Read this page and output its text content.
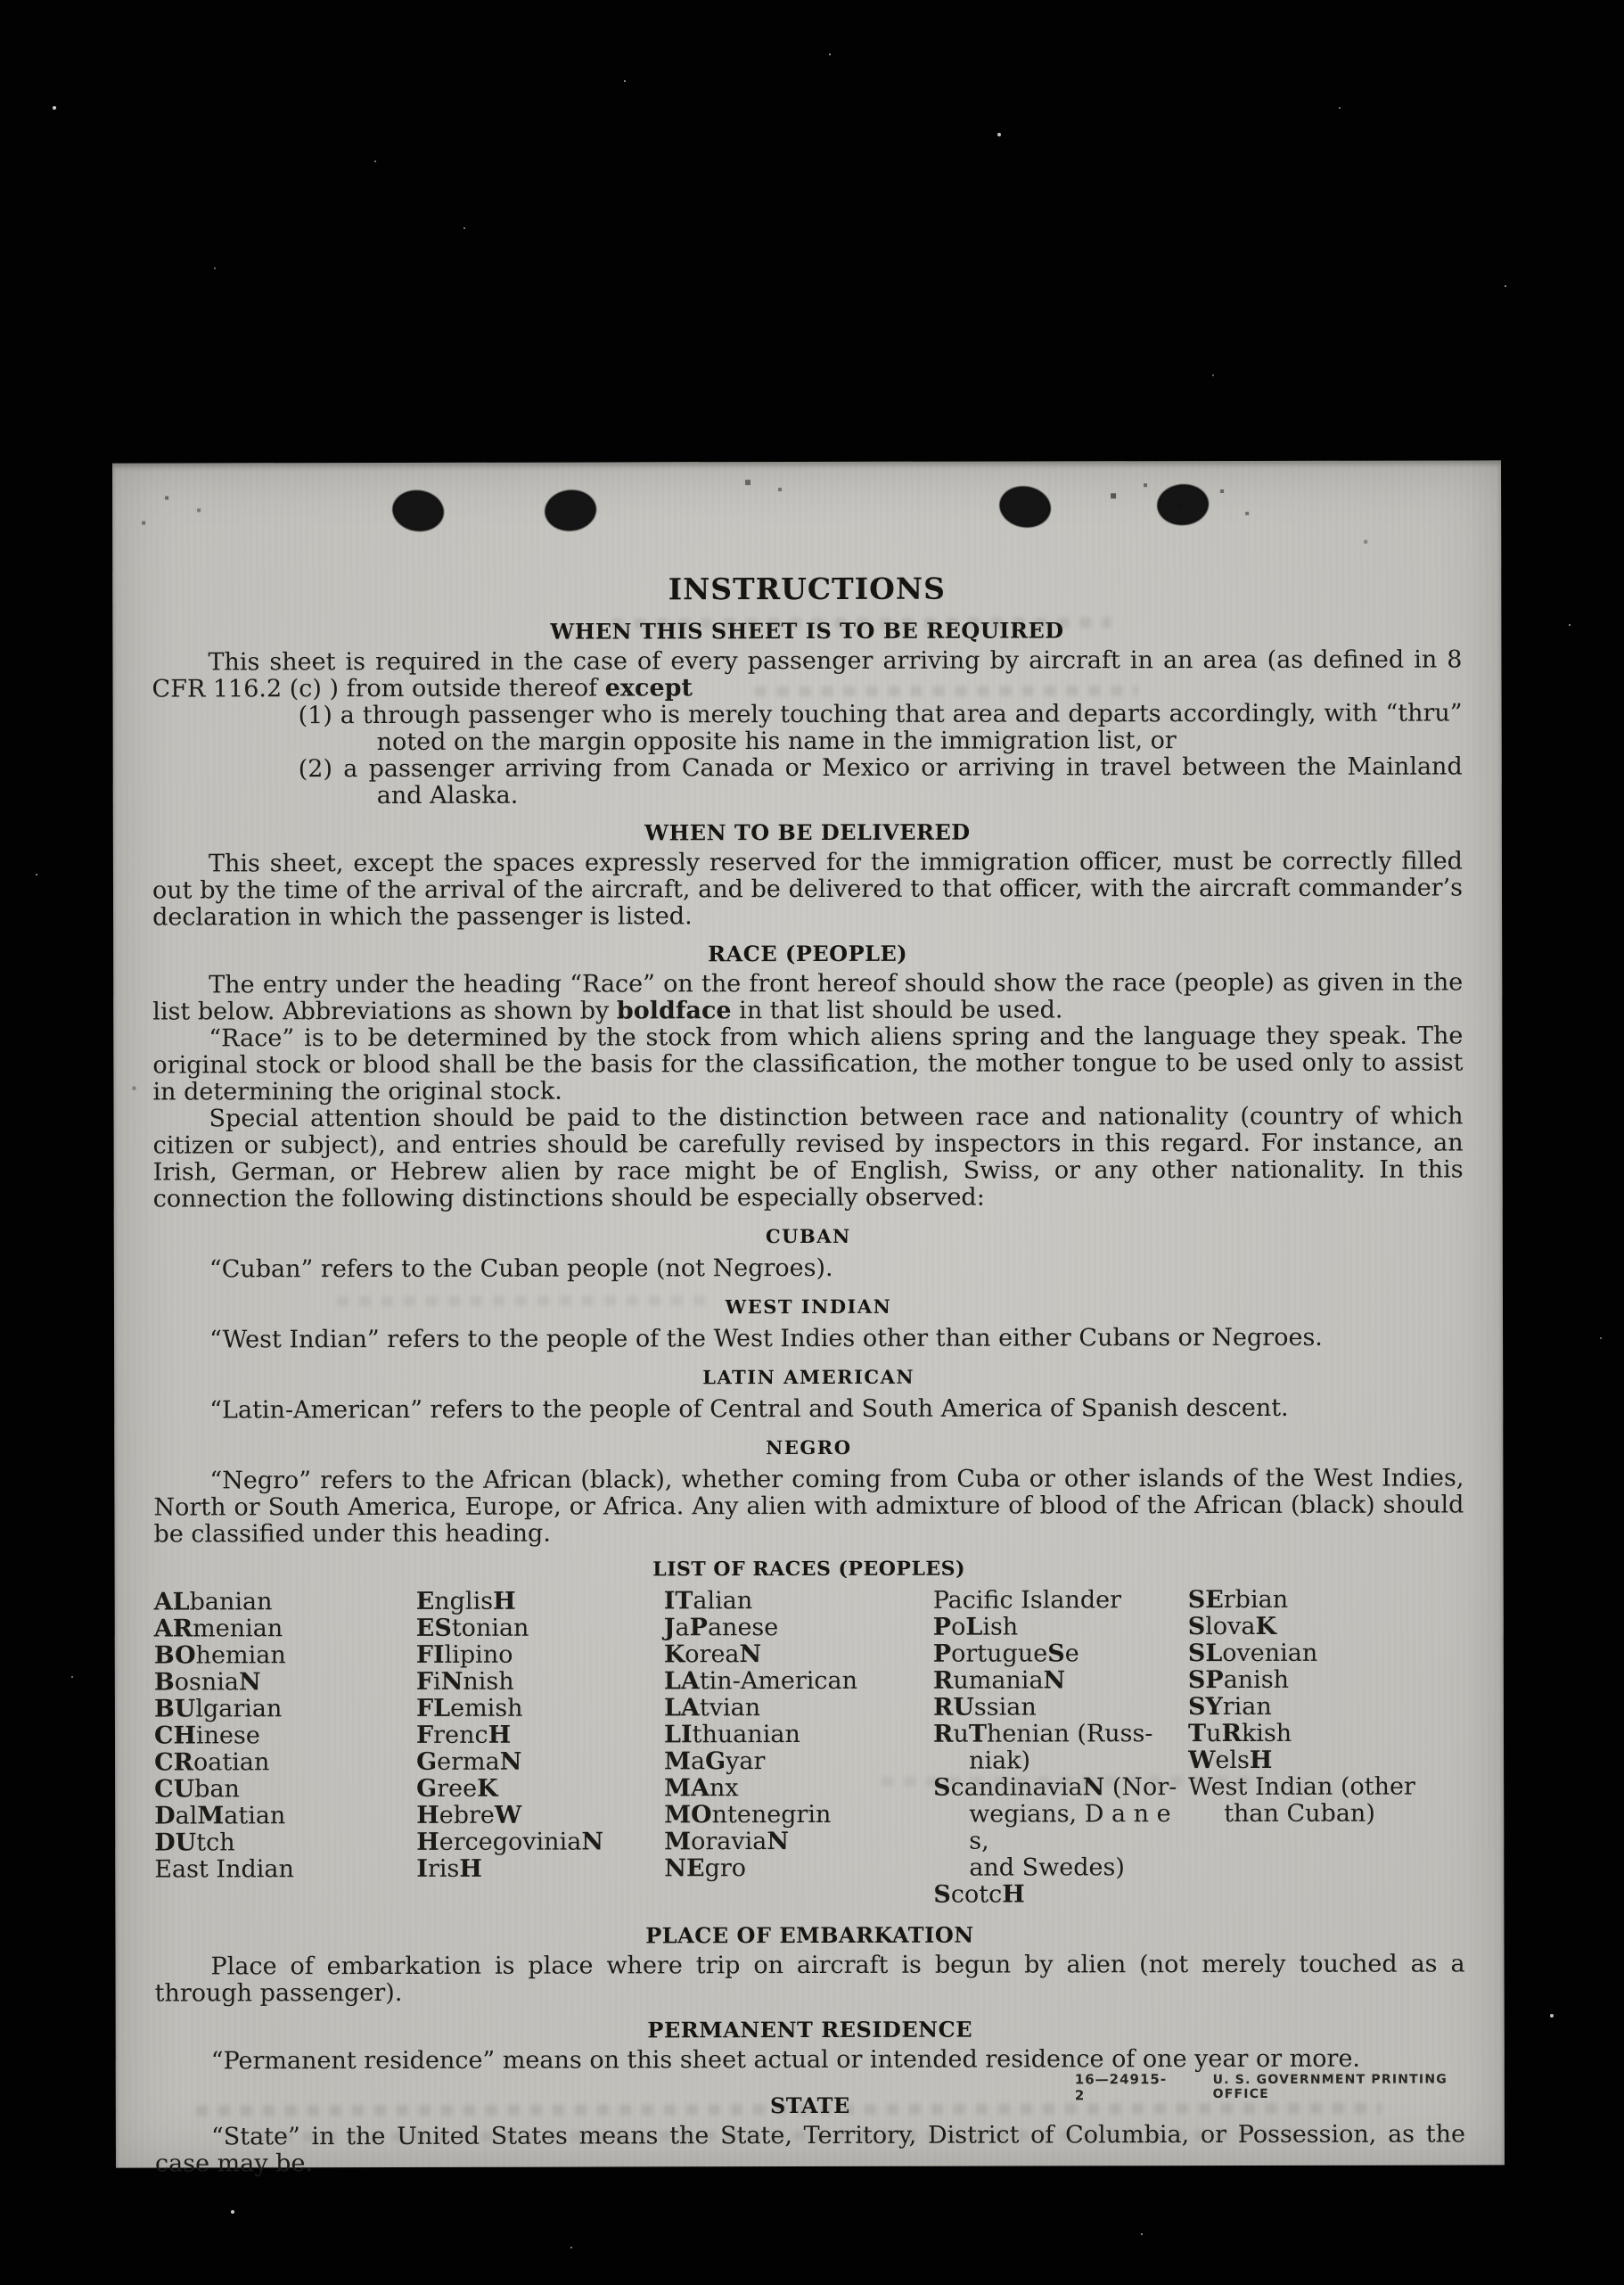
INSTRUCTIONS
WHEN THIS SHEET IS TO BE REQUIRED

This sheet is required in the case of every passenger arriving by aircraft in an area (as defined in 8 CFR 116.2 (c) ) from outside thereof except

(1) a through passenger who is merely touching that area and departs accordingly, with “thru” noted on the margin opposite his name in the immigration list, or
(2) a passenger arriving from Canada or Mexico or arriving in travel between the Mainland and Alaska.
WHEN TO BE DELIVERED

This sheet, except the spaces expressly reserved for the immigration officer, must be correctly filled out by the time of the arrival of the aircraft, and be delivered to that officer, with the aircraft commander’s declaration in which the passenger is listed.

RACE (PEOPLE)

The entry under the heading “Race” on the front hereof should show the race (people) as given in the list below. Abbreviations as shown by boldface in that list should be used.

“Race” is to be determined by the stock from which aliens spring and the language they speak. The original stock or blood shall be the basis for the classification, the mother tongue to be used only to assist in determining the original stock.

Special attention should be paid to the distinction between race and nationality (country of which citizen or subject), and entries should be carefully revised by inspectors in this regard. For instance, an Irish, German, or Hebrew alien by race might be of English, Swiss, or any other nationality. In this connection the following distinctions should be especially observed:

CUBAN

“Cuban” refers to the Cuban people (not Negroes).

WEST INDIAN

“West Indian” refers to the people of the West Indies other than either Cubans or Negroes.

LATIN AMERICAN

“Latin-American” refers to the people of Central and South America of Spanish descent.

NEGRO

“Negro” refers to the African (black), whether coming from Cuba or other islands of the West Indies, North or South America, Europe, or Africa. Any alien with admixture of blood of the African (black) should be classified under this heading.

LIST OF RACES (PEOPLES)
ALbanian
ARmenian
BOhemian
BosniaN
BUlgarian
CHinese
CRoatian
CUban
DalMatian
DUtch
East Indian
EnglisH
EStonian
FIlipino
FiNnish
FLemish
FrencH
GermaN
GreeK
HebreW
HercegoviniaN
IrisH
ITalian
JaPanese
KoreaN
LAtin-American
LAtvian
LIthuanian
MaGyar
MAnx
MOntenegrin
MoraviaN
NEgro
Pacific Islander
PoLish
PortugueSe
RumaniaN
RUssian
RuThenian (Russ-
niak)
ScandinaviaN (Nor-
wegians, D a n e s,
and Swedes)
ScotcH
SErbian
SlovaK
SLovenian
SPanish
SYrian
TuRkish
WelsH
West Indian (other
than Cuban)
PLACE OF EMBARKATION

Place of embarkation is place where trip on aircraft is begun by alien (not merely touched as a through passenger).

PERMANENT RESIDENCE

“Permanent residence” means on this sheet actual or intended residence of one year or more.

STATE

“State” in the United States means the State, Territory, District of Columbia, or Possession, as the case may be.

16—24915-2
U. S. GOVERNMENT PRINTING OFFICE
